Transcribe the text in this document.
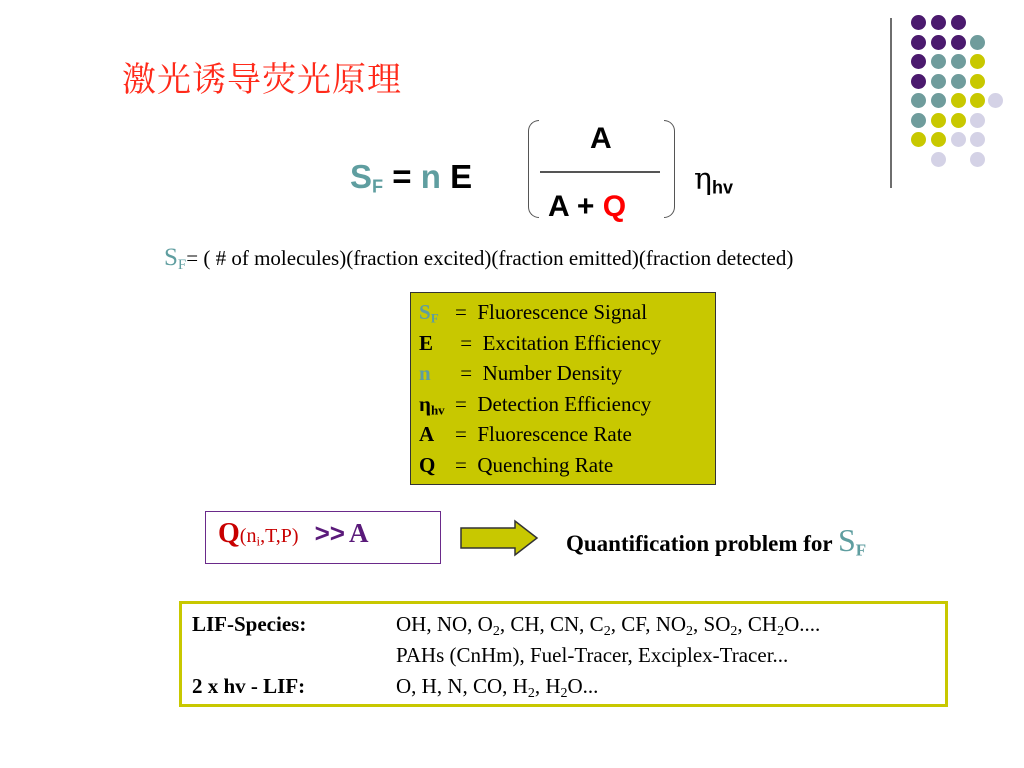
激光诱导荧光原理
$S_F = n$ E
A
A + Q
$\eta_{hv}$
$S_F=$ ( # of molecules)(fraction excited)(fraction emitted)(fraction detected)
SF =  Fluorescence Signal
E =  Excitation Efficiency
n =  Number Density
ηhv =  Detection Efficiency
A =  Fluorescence Rate
Q =  Quenching Rate
$Q(n_i,T,P) >> A$	Quantification problem for $S_F$
LIF-Species:	OH, NO, $O_2$, CH, CN, $C_2$, CF, $NO_2$, $SO_2$, $CH_2O$....
PAHs (CnHm), Fuel-Tracer, Exciplex-Tracer...
2 x hv - LIF:	O, H, N, CO, $H_2$, $H_2O$...
